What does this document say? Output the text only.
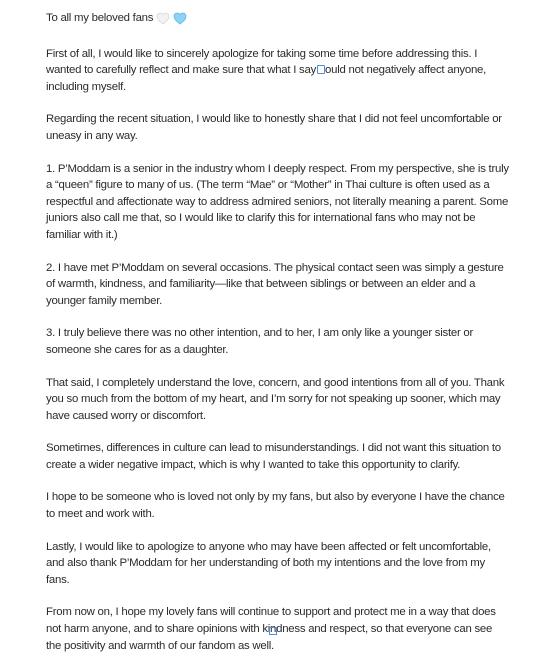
To all my beloved fans

First of all, I would like to sincerely apologize for taking some time before addressing this. I wanted to carefully reflect and make sure that what I say ould not negatively affect anyone, including myself.

Regarding the recent situation, I would like to honestly share that I did not feel uncomfortable or uneasy in any way.

1. P’Moddam is a senior in the industry whom I deeply respect. From my perspective, she is truly a “queen” figure to many of us. (The term “Mae” or “Mother” in Thai culture is often used as a respectful and affectionate way to address admired seniors, not literally meaning a parent. Some juniors also call me that, so I would like to clarify this for international fans who may not be familiar with it.)

2. I have met P’Moddam on several occasions. The physical contact seen was simply a gesture of warmth, kindness, and familiarity—like that between siblings or between an elder and a younger family member.

3. I truly believe there was no other intention, and to her, I am only like a younger sister or someone she cares for as a daughter.

That said, I completely understand the love, concern, and good intentions from all of you. Thank you so much from the bottom of my heart, and I’m sorry for not speaking up sooner, which may have caused worry or discomfort.

Sometimes, differences in culture can lead to misunderstandings. I did not want this situation to create a wider negative impact, which is why I wanted to take this opportunity to clarify.

I hope to be someone who is loved not only by my fans, but also by everyone I have the chance to meet and work with.

Lastly, I would like to apologize to anyone who may have been affected or felt uncomfortable, and also thank P’Moddam for her understanding of both my intentions and the love from my fans.

From now on, I hope my lovely fans will continue to support and protect me in a way that does not harm anyone, and to share opinions with kindness and respect, so that everyone can see the positivity and warmth of our fandom as well.
